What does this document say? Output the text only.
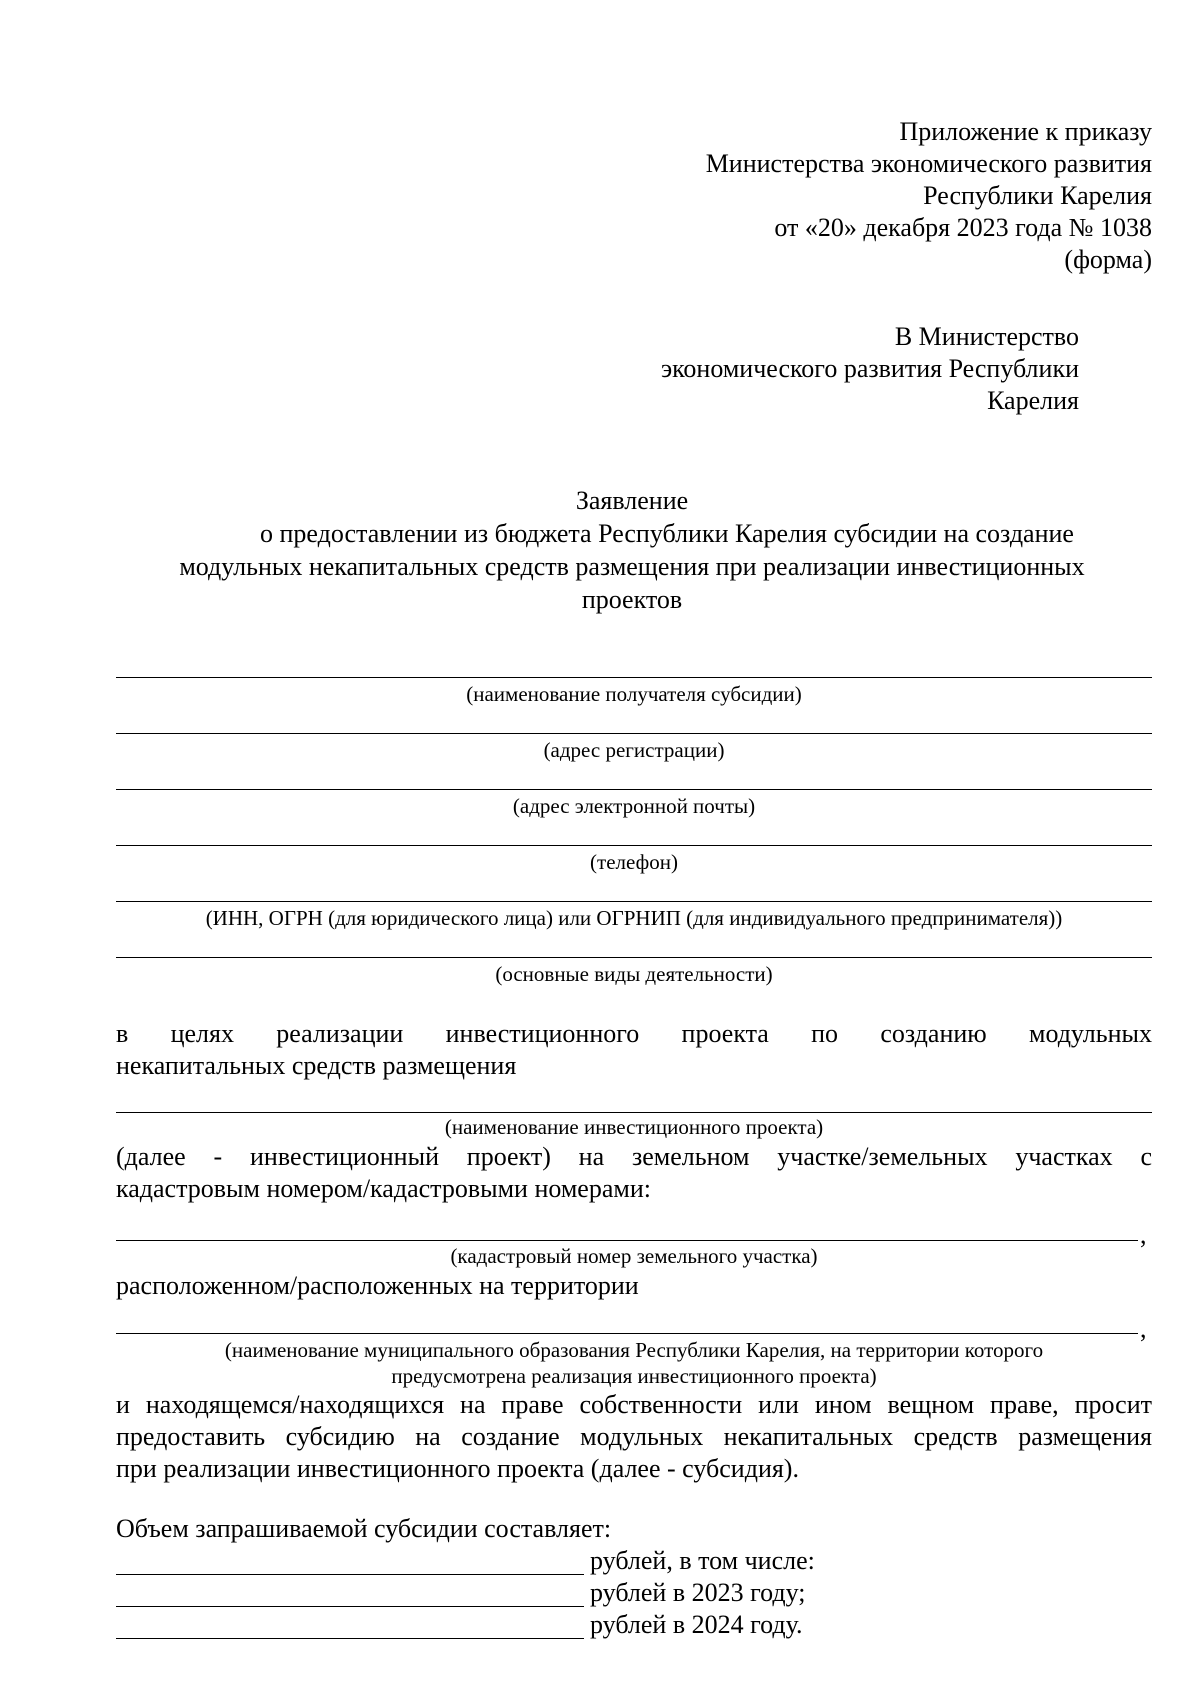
Приложение к приказу
Министерства экономического развития
Республики Карелия
от «20» декабря 2023 года № 1038
(форма)
В Министерство
экономического развития Республики
Карелия
Заявление
о предоставлении из бюджета Республики Карелия субсидии на создание
модульных некапитальных средств размещения при реализации инвестиционных
проектов
(наименование получателя субсидии)
(адрес регистрации)
(адрес электронной почты)
(телефон)
(ИНН, ОГРН (для юридического лица) или ОГРНИП (для индивидуального предпринимателя))
(основные виды деятельности)
в целях реализации инвестиционного проекта по созданию модульных
некапитальных средств размещения
(наименование инвестиционного проекта)
(далее - инвестиционный проект) на земельном участке/земельных участках с
кадастровым номером/кадастровыми номерами:
,
(кадастровый номер земельного участка)
расположенном/расположенных на территории
,
(наименование муниципального образования Республики Карелия, на территории которого
предусмотрена реализация инвестиционного проекта)
и находящемся/находящихся на праве собственности или ином вещном праве, просит
предоставить субсидию на создание модульных некапитальных средств размещения
при реализации инвестиционного проекта (далее - субсидия).
Объем запрашиваемой субсидии составляет:
рублей, в том числе:
рублей в 2023 году;
рублей в 2024 году.
